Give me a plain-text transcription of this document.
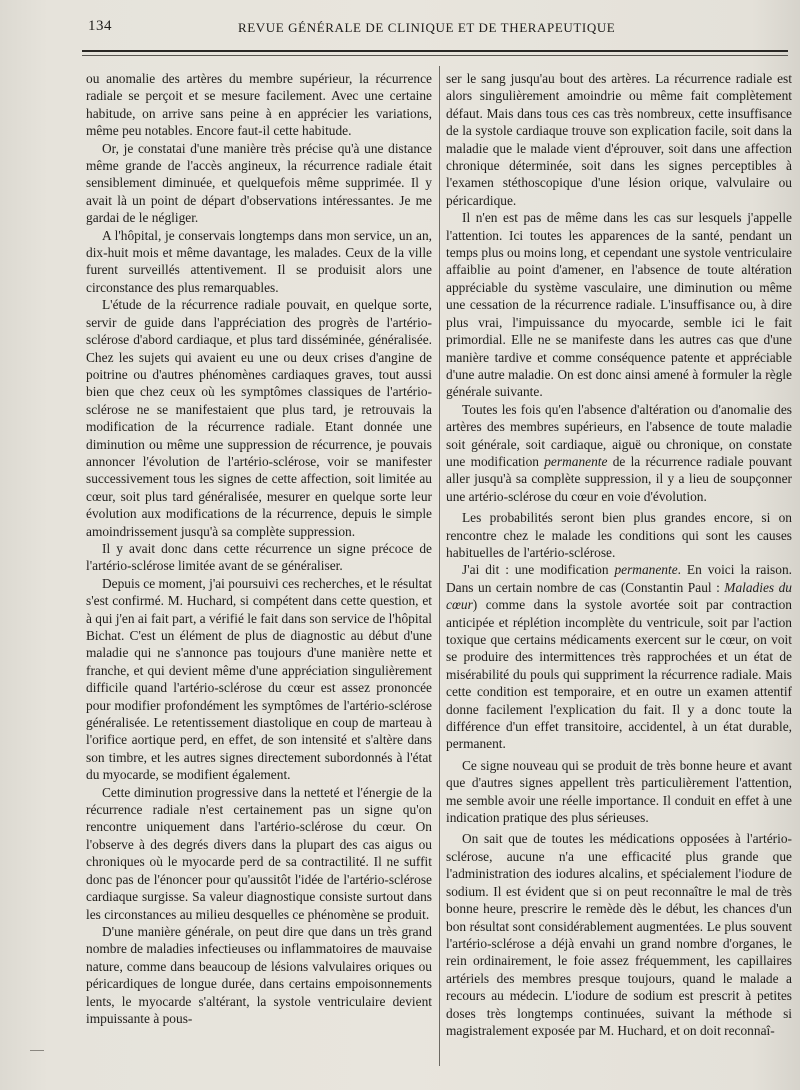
134	REVUE GÉNÉRALE DE CLINIQUE ET DE THERAPEUTIQUE

ou anomalie des artères du membre supérieur, la récurrence radiale se perçoit et se mesure facilement. Avec une certaine habitude, on arrive sans peine à en apprécier les variations, même peu notables. Encore faut-il cette habitude.

Or, je constatai d'une manière très précise qu'à une distance même grande de l'accès angineux, la récurrence radiale était sensiblement diminuée, et quelquefois même supprimée. Il y avait là un point de départ d'observations intéressantes. Je me gardai de le négliger.

A l'hôpital, je conservais longtemps dans mon service, un an, dix-huit mois et même davantage, les malades. Ceux de la ville furent surveillés attentivement. Il se produisit alors une circonstance des plus remarquables.

L'étude de la récurrence radiale pouvait, en quelque sorte, servir de guide dans l'appréciation des progrès de l'artério-sclérose d'abord cardiaque, et plus tard disséminée, généralisée. Chez les sujets qui avaient eu une ou deux crises d'angine de poitrine ou d'autres phénomènes cardiaques graves, tout aussi bien que chez ceux où les symptômes classiques de l'artério-sclérose ne se manifestaient que plus tard, je retrouvais la modification de la récurrence radiale. Etant donnée une diminution ou même une suppression de récurrence, je pouvais annoncer l'évolution de l'artério-sclérose, voir se manifester successivement tous les signes de cette affection, soit limitée au cœur, soit plus tard généralisée, mesurer en quelque sorte leur évolution aux modifications de la récurrence, depuis le simple amoindrissement jusqu'à sa complète suppression.

Il y avait donc dans cette récurrence un signe précoce de l'artério-sclérose limitée avant de se généraliser.

Depuis ce moment, j'ai poursuivi ces recherches, et le résultat s'est confirmé. M. Huchard, si compétent dans cette question, et à qui j'en ai fait part, a vérifié le fait dans son service de l'hôpital Bichat. C'est un élément de plus de diagnostic au début d'une maladie qui ne s'annonce pas toujours d'une manière nette et franche, et qui devient même d'une appréciation singulièrement difficile quand l'artério-sclérose du cœur est assez prononcée pour modifier profondément les symptômes de l'artério-sclérose généralisée. Le retentissement diastolique en coup de marteau à l'orifice aortique perd, en effet, de son intensité et s'altère dans son timbre, et les autres signes directement subordonnés à l'état du myocarde, se modifient également.

Cette diminution progressive dans la netteté et l'énergie de la récurrence radiale n'est certainement pas un signe qu'on rencontre uniquement dans l'artério-sclérose du cœur. On l'observe à des degrés divers dans la plupart des cas aigus ou chroniques où le myocarde perd de sa contractilité. Il ne suffit donc pas de l'énoncer pour qu'aussitôt l'idée de l'artério-sclérose cardiaque surgisse. Sa valeur diagnostique consiste surtout dans les circonstances au milieu desquelles ce phénomène se produit.

D'une manière générale, on peut dire que dans un très grand nombre de maladies infectieuses ou inflammatoires de mauvaise nature, comme dans beaucoup de lésions valvulaires oriques ou péricardiques de longue durée, dans certains empoisonnements lents, le myocarde s'altérant, la systole ventriculaire devient impuissante à pous-

ser le sang jusqu'au bout des artères. La récurrence radiale est alors singulièrement amoindrie ou même fait complètement défaut. Mais dans tous ces cas très nombreux, cette insuffisance de la systole cardiaque trouve son explication facile, soit dans la maladie que le malade vient d'éprouver, soit dans une affection chronique déterminée, soit dans les signes perceptibles à l'examen stéthoscopique d'une lésion orique, valvulaire ou péricardique.

Il n'en est pas de même dans les cas sur lesquels j'appelle l'attention. Ici toutes les apparences de la santé, pendant un temps plus ou moins long, et cependant une systole ventriculaire affaiblie au point d'amener, en l'absence de toute altération appréciable du système vasculaire, une diminution ou même une cessation de la récurrence radiale. L'insuffisance ou, à dire plus vrai, l'impuissance du myocarde, semble ici le fait primordial. Elle ne se manifeste dans les autres cas que d'une manière tardive et comme conséquence patente et appréciable d'une autre maladie. On est donc ainsi amené à formuler la règle générale suivante.

Toutes les fois qu'en l'absence d'altération ou d'anomalie des artères des membres supérieurs, en l'absence de toute maladie soit générale, soit cardiaque, aiguë ou chronique, on constate une modification permanente de la récurrence radiale pouvant aller jusqu'à sa complète suppression, il y a lieu de soupçonner une artério-sclérose du cœur en voie d'évolution.

Les probabilités seront bien plus grandes encore, si on rencontre chez le malade les conditions qui sont les causes habituelles de l'artério-sclérose.

J'ai dit : une modification permanente. En voici la raison. Dans un certain nombre de cas (Constantin Paul : Maladies du cœur) comme dans la systole avortée soit par contraction anticipée et réplétion incomplète du ventricule, soit par l'action toxique que certains médicaments exercent sur le cœur, on voit se produire des intermittences très rapprochées et un état de misérabilité du pouls qui suppriment la récurrence radiale. Mais cette condition est temporaire, et en outre un examen attentif donne facilement l'explication du fait. Il y a donc toute la différence d'un effet transitoire, accidentel, à un état durable, permanent.

Ce signe nouveau qui se produit de très bonne heure et avant que d'autres signes appellent très particulièrement l'attention, me semble avoir une réelle importance. Il conduit en effet à une indication pratique des plus sérieuses.

On sait que de toutes les médications opposées à l'artério-sclérose, aucune n'a une efficacité plus grande que l'administration des iodures alcalins, et spécialement l'iodure de sodium. Il est évident que si on peut reconnaître le mal de très bonne heure, prescrire le remède dès le début, les chances d'un bon résultat sont considérablement augmentées. Le plus souvent l'artério-sclérose a déjà envahi un grand nombre d'organes, le rein ordinairement, le foie assez fréquemment, les capillaires artériels des membres presque toujours, quand le malade a recours au médecin. L'iodure de sodium est prescrit à petites doses très longtemps continuées, suivant la méthode si magistralement exposée par M. Huchard, et on doit reconnaî-
